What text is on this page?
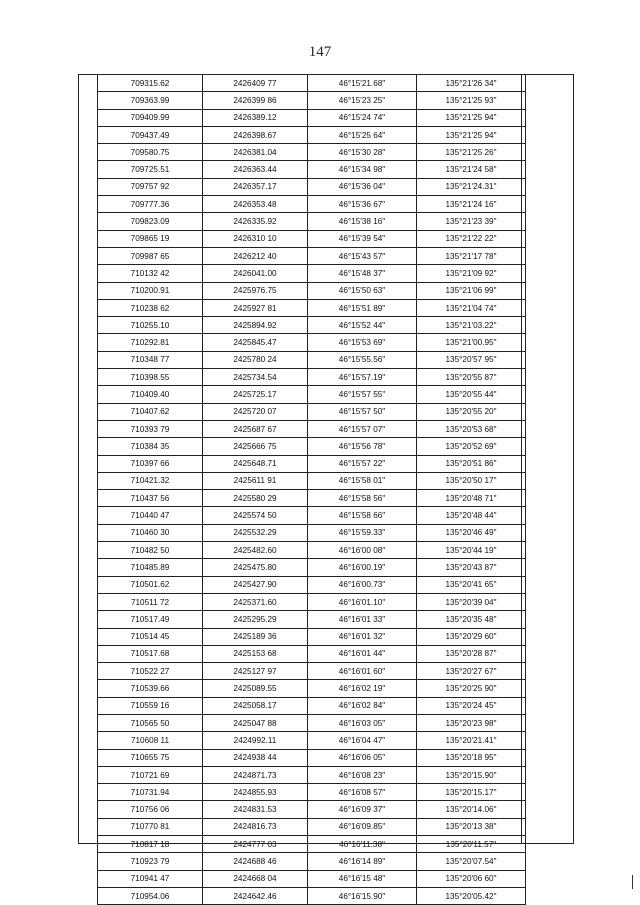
147
709315.62	2426409 77	46°15'21.68"	135°21'26 34"
709363.99	2426399 86	46°15'23 25"	135°21'25 93"
709409.99	2426389.12	46°15'24 74"	135°21'25 94"
709437.49	2426398.67	46°15'25 64"	135°21'25 94"
709580.75	2426381.04	46°15'30 28"	135°21'25 26"
709725.51	2426363.44	46°15'34 98"	135°21'24 58"
709757 92	2426357.17	46°15'36 04"	135°21'24.31"
709777.36	2426353.48	46°15'36 67"	135°21'24 16"
709823.09	2426335.92	46°15'38 16"	135°21'23 39"
709865 19	2426310 10	46°15'39 54"	135°21'22 22"
709987 65	2426212 40	46°15'43 57"	135°21'17 78"
710132 42	2426041.00	46°15'48 37"	135°21'09 92"
710200.91	2425976.75	46°15'50 63"	135°21'06 99"
710238 62	2425927 81	46°15'51 89"	135°21'04 74"
710255.10	2425894.92	46°15'52 44"	135°21'03.22"
710292.81	2425845.47	46°15'53 69"	135°21'00.95"
710348 77	2425780 24	46°15'55.56"	135°20'57 95"
710398.55	2425734.54	46°15'57.19"	135°20'55 87"
710409.40	2425725.17	46°15'57 55"	135°20'55 44"
710407.62	2425720 07	46°15'57 50"	135°20'55 20"
710393 79	2425687 67	46°15'57 07"	135°20'53 68"
710384 35	2425666 75	46°15'56 78"	135°20'52 69"
710397 66	2425648.71	46°15'57 22"	135°20'51 86"
710421.32	2425611 91	46°15'58 01"	135°20'50 17"
710437 56	2425580 29	46°15'58 56"	135°20'48 71"
710440 47	2425574 50	46°15'58 66"	135°20'48 44"
710460 30	2425532.29	46°15'59.33"	135°20'46 49"
710482 50	2425482.60	46°16'00 08"	135°20'44 19"
710485.89	2425475.80	46°16'00.19"	135°20'43 87"
710501.62	2425427.90	46°16'00.73"	135°20'41 65"
710511 72	2425371.60	46°16'01.10"	135°20'39 04"
710517.49	2425295.29	46°16'01 33"	135°20'35 48"
710514 45	2425189 36	46°16'01 32"	135°20'29 60"
710517.68	2425153 68	46°16'01 44"	135°20'28 87"
710522 27	2425127 97	46°16'01 60"	135°20'27 67"
710539.66	2425089.55	46°16'02 19"	135°20'25 90"
710559 16	2425058.17	46°16'02 84"	135°20'24 45"
710565 50	2425047 88	46°16'03 05"	135°20'23 98"
710608 11	2424992.11	46°16'04 47"	135°20'21.41"
710655 75	2424938 44	46°16'06 05"	135°20'18 95"
710721 69	2424871.73	46°16'08 23"	135°20'15.90"
710731.94	2424855.93	46°16'08 57"	135°20'15.17"
710756 06	2424831.53	46°16'09 37"	135°20'14.06"
710770 81	2424816.73	46°16'09.85"	135°20'13 38"
710817 18	2424777 03	46°16'11.38"	135°20'11.57"
710923 79	2424688 46	46°16'14 89"	135°20'07.54"
710941 47	2424668 04	46°16'15 48"	135°20'06 60"
710954.06	2424642.46	46°16'15.90"	135°20'05.42"
